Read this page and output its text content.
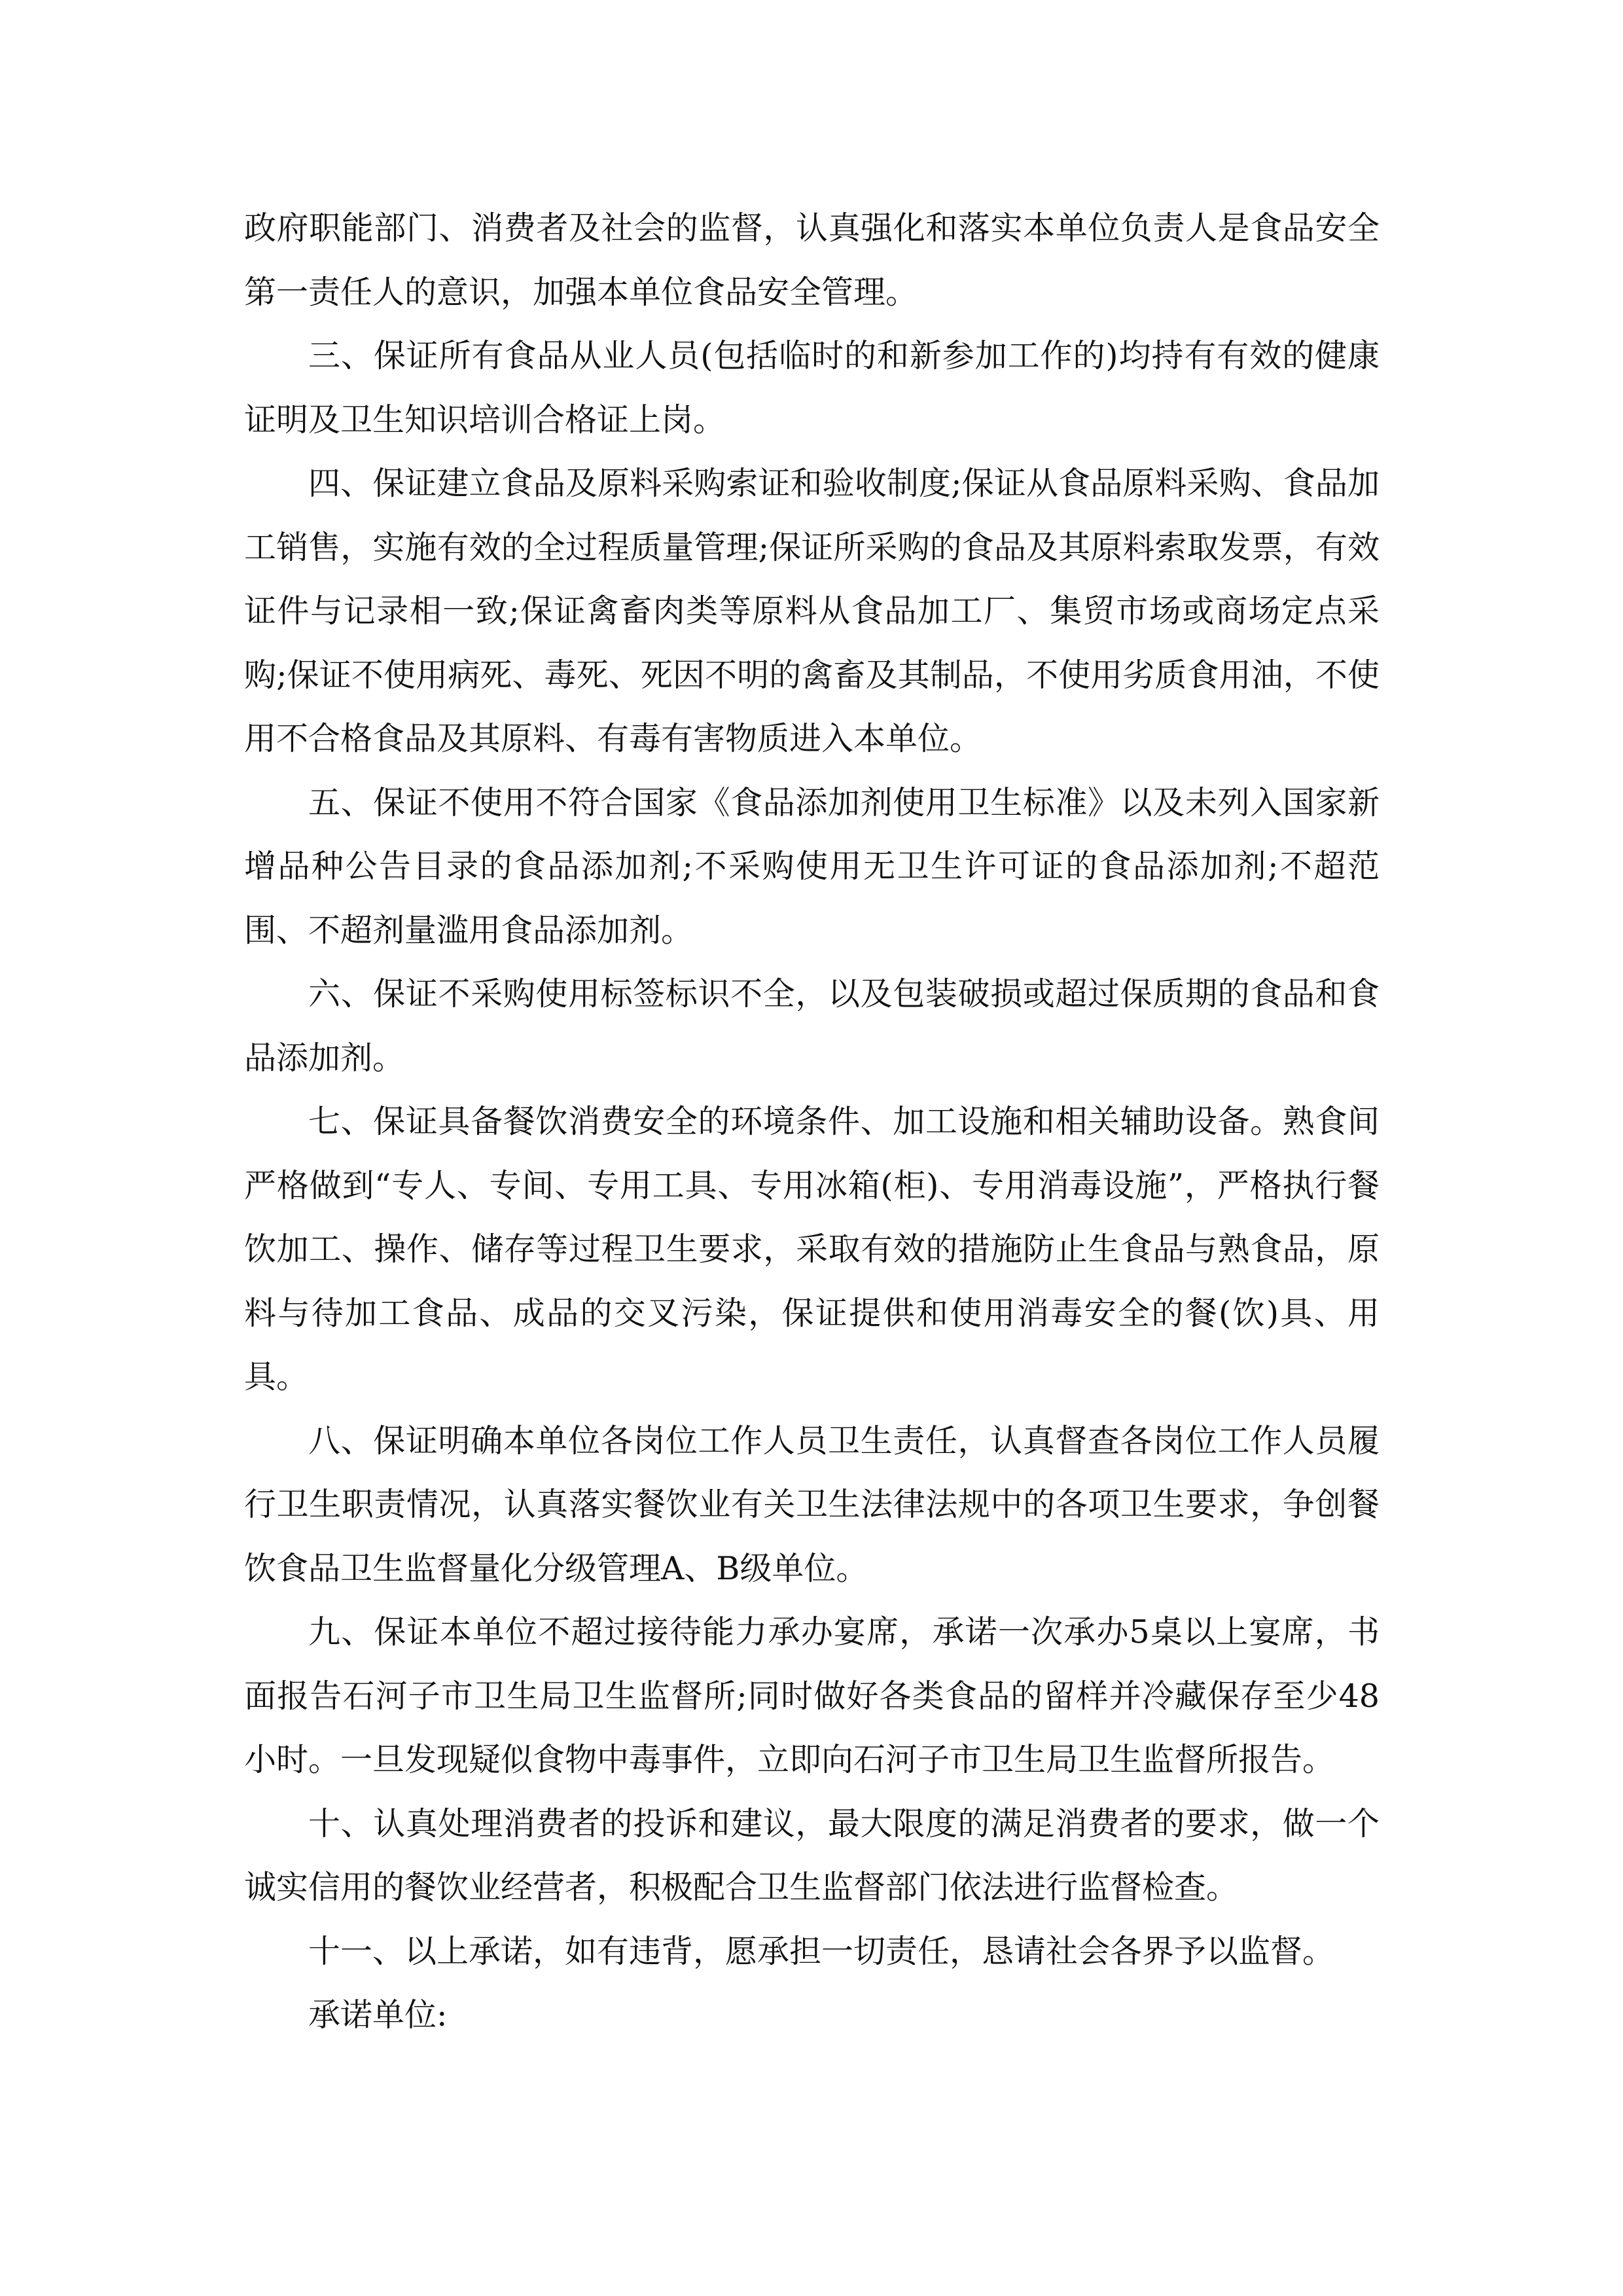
政府职能部门、消费者及社会的监督，认真强化和落实本单位负责人是食品安全第一责任人的意识，加强本单位食品安全管理。

三、保证所有食品从业人员(包括临时的和新参加工作的)均持有有效的健康证明及卫生知识培训合格证上岗。

四、保证建立食品及原料采购索证和验收制度;保证从食品原料采购、食品加工销售，实施有效的全过程质量管理;保证所采购的食品及其原料索取发票，有效证件与记录相一致;保证禽畜肉类等原料从食品加工厂、集贸市场或商场定点采购;保证不使用病死、毒死、死因不明的禽畜及其制品，不使用劣质食用油，不使用不合格食品及其原料、有毒有害物质进入本单位。

五、保证不使用不符合国家《食品添加剂使用卫生标准》以及未列入国家新增品种公告目录的食品添加剂;不采购使用无卫生许可证的食品添加剂;不超范围、不超剂量滥用食品添加剂。

六、保证不采购使用标签标识不全，以及包装破损或超过保质期的食品和食品添加剂。

七、保证具备餐饮消费安全的环境条件、加工设施和相关辅助设备。熟食间严格做到“专人、专间、专用工具、专用冰箱(柜)、专用消毒设施”，严格执行餐饮加工、操作、储存等过程卫生要求，采取有效的措施防止生食品与熟食品，原料与待加工食品、成品的交叉污染，保证提供和使用消毒安全的餐(饮)具、用具。

八、保证明确本单位各岗位工作人员卫生责任，认真督查各岗位工作人员履行卫生职责情况，认真落实餐饮业有关卫生法律法规中的各项卫生要求，争创餐饮食品卫生监督量化分级管理A、B级单位。

九、保证本单位不超过接待能力承办宴席，承诺一次承办5桌以上宴席，书面报告石河子市卫生局卫生监督所;同时做好各类食品的留样并冷藏保存至少48小时。一旦发现疑似食物中毒事件，立即向石河子市卫生局卫生监督所报告。

十、认真处理消费者的投诉和建议，最大限度的满足消费者的要求，做一个诚实信用的餐饮业经营者，积极配合卫生监督部门依法进行监督检查。

十一、以上承诺，如有违背，愿承担一切责任，恳请社会各界予以监督。

承诺单位:
